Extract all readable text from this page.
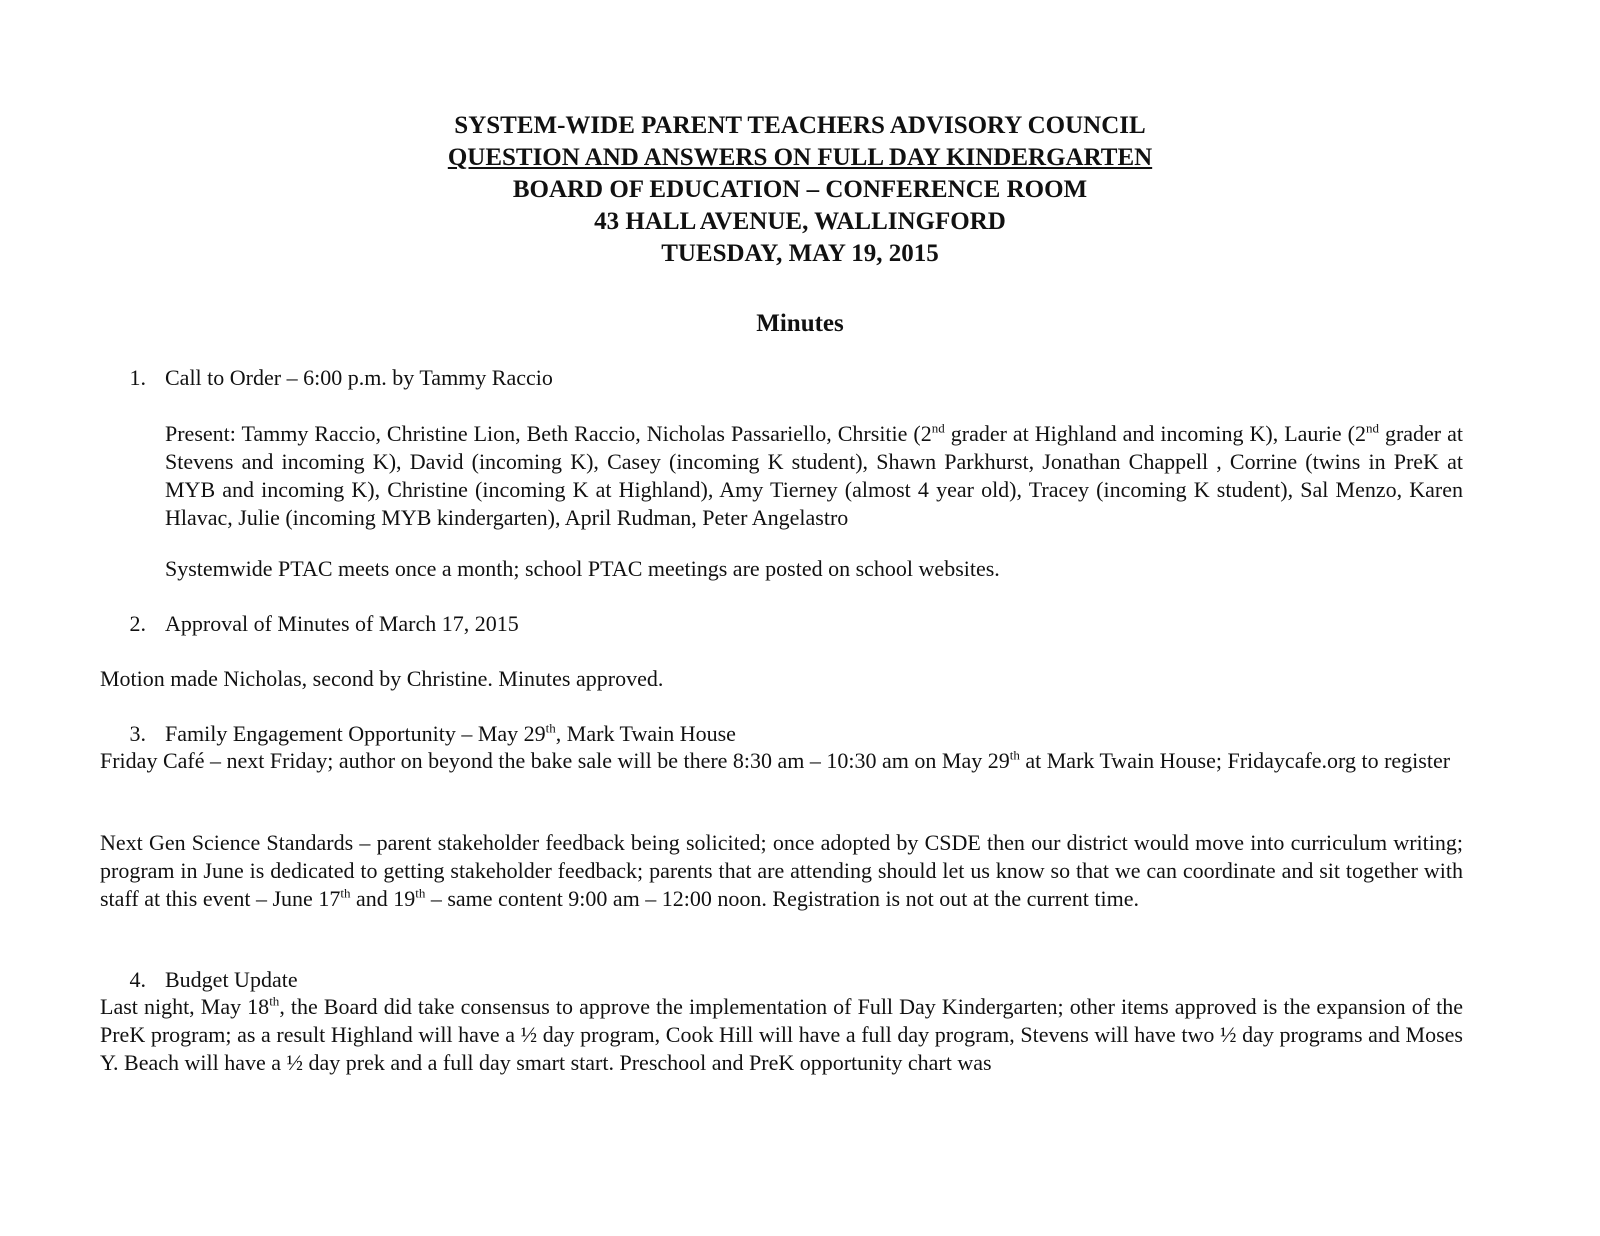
SYSTEM-WIDE PARENT TEACHERS ADVISORY COUNCIL
QUESTION AND ANSWERS ON FULL DAY KINDERGARTEN
BOARD OF EDUCATION – CONFERENCE ROOM
43 HALL AVENUE, WALLINGFORD
TUESDAY, MAY 19, 2015
Minutes
1. Call to Order – 6:00 p.m. by Tammy Raccio
Present: Tammy Raccio, Christine Lion, Beth Raccio, Nicholas Passariello, Chrsitie (2nd grader at Highland and incoming K), Laurie (2nd grader at Stevens and incoming K), David (incoming K), Casey (incoming K student), Shawn Parkhurst, Jonathan Chappell , Corrine (twins in PreK at MYB and incoming K), Christine (incoming K at Highland), Amy Tierney (almost 4 year old), Tracey (incoming K student), Sal Menzo, Karen Hlavac, Julie (incoming MYB kindergarten), April Rudman, Peter Angelastro
Systemwide PTAC meets once a month; school PTAC meetings are posted on school websites.
2. Approval of Minutes of March 17, 2015
Motion made Nicholas, second by Christine. Minutes approved.
3. Family Engagement Opportunity – May 29th, Mark Twain House
Friday Café – next Friday; author on beyond the bake sale will be there 8:30 am – 10:30 am on May 29th at Mark Twain House; Fridaycafe.org to register
Next Gen Science Standards – parent stakeholder feedback being solicited; once adopted by CSDE then our district would move into curriculum writing; program in June is dedicated to getting stakeholder feedback; parents that are attending should let us know so that we can coordinate and sit together with staff at this event – June 17th and 19th – same content 9:00 am – 12:00 noon. Registration is not out at the current time.
4. Budget Update
Last night, May 18th, the Board did take consensus to approve the implementation of Full Day Kindergarten; other items approved is the expansion of the PreK program; as a result Highland will have a ½ day program, Cook Hill will have a full day program, Stevens will have two ½ day programs and Moses Y. Beach will have a ½ day prek and a full day smart start. Preschool and PreK opportunity chart was
